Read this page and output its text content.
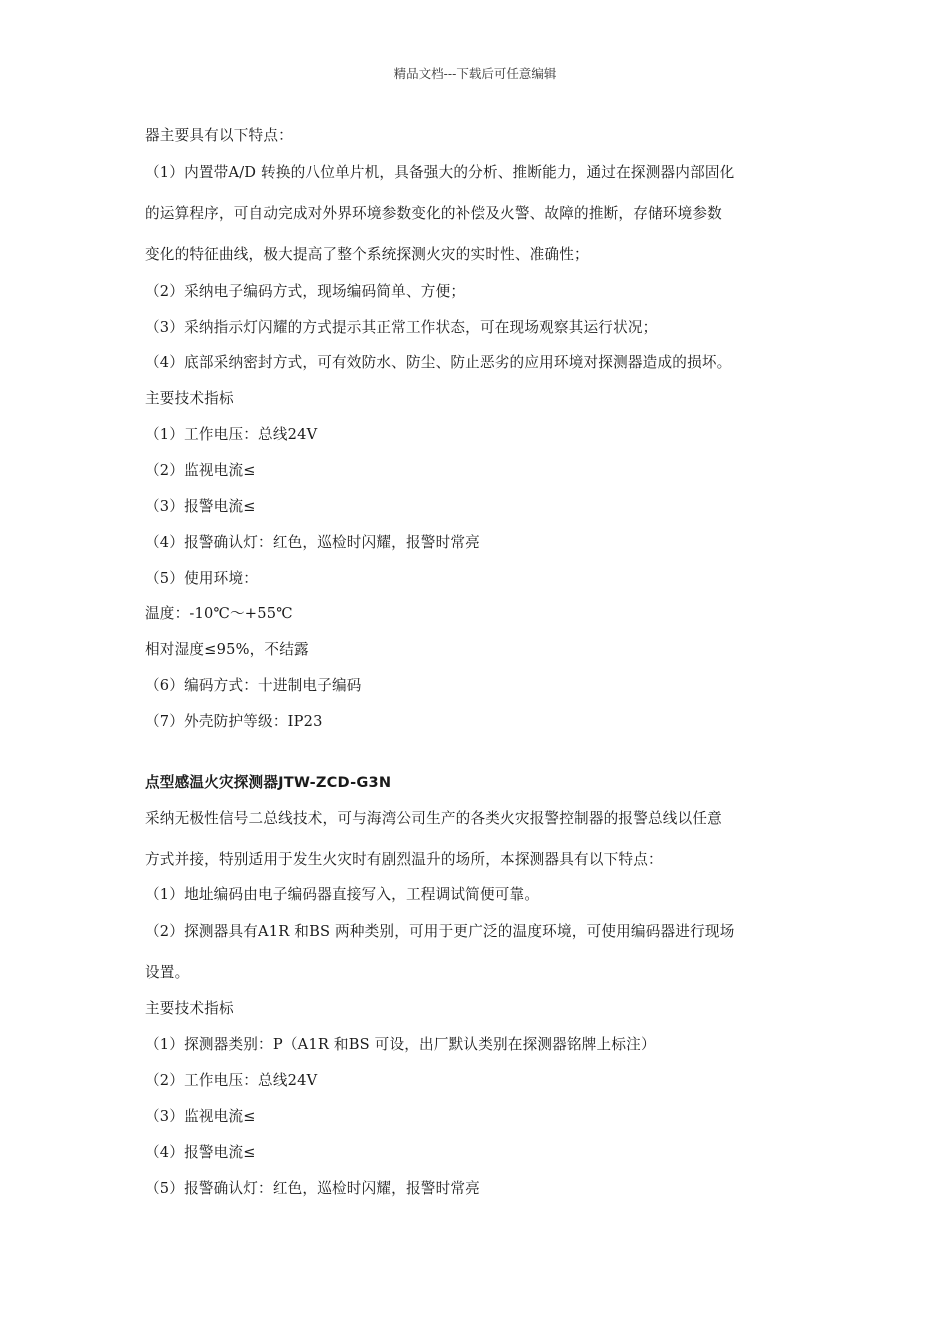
精品文档---下载后可任意编辑
器主要具有以下特点：
（1）内置带A/D 转换的八位单片机，具备强大的分析、推断能力，通过在探测器内部固化
的运算程序，可自动完成对外界环境参数变化的补偿及火警、故障的推断，存储环境参数
变化的特征曲线，极大提高了整个系统探测火灾的实时性、准确性；
（2）采纳电子编码方式，现场编码简单、方便；
（3）采纳指示灯闪耀的方式提示其正常工作状态，可在现场观察其运行状况；
（4）底部采纳密封方式，可有效防水、防尘、防止恶劣的应用环境对探测器造成的损坏。
主要技术指标
（1）工作电压：总线24V
（2）监视电流≤
（3）报警电流≤
（4）报警确认灯：红色，巡检时闪耀，报警时常亮
（5）使用环境：
温度：-10℃～+55℃
相对湿度≤95%，不结露
（6）编码方式：十进制电子编码
（7）外壳防护等级：IP23
点型感温火灾探测器JTW-ZCD-G3N
采纳无极性信号二总线技术，可与海湾公司生产的各类火灾报警控制器的报警总线以任意
方式并接，特别适用于发生火灾时有剧烈温升的场所，本探测器具有以下特点：
（1）地址编码由电子编码器直接写入，工程调试简便可靠。
（2）探测器具有A1R 和BS 两种类别，可用于更广泛的温度环境，可使用编码器进行现场
设置。
主要技术指标
（1）探测器类别：P（A1R 和BS 可设，出厂默认类别在探测器铭牌上标注）
（2）工作电压：总线24V
（3）监视电流≤
（4）报警电流≤
（5）报警确认灯：红色，巡检时闪耀，报警时常亮
